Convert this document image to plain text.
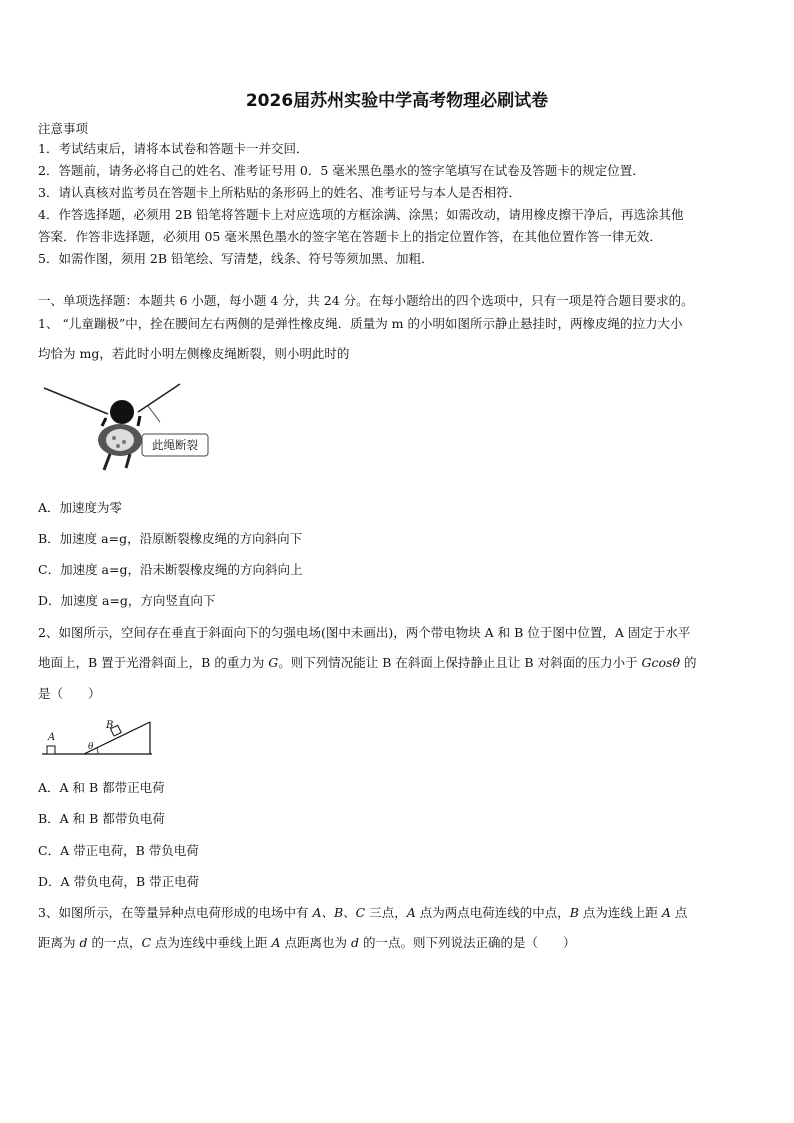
2026届苏州实验中学高考物理必刷试卷
注意事项
1．考试结束后，请将本试卷和答题卡一并交回．
2．答题前，请务必将自己的姓名、准考证号用 0．5 毫米黑色墨水的签字笔填写在试卷及答题卡的规定位置．
3．请认真核对监考员在答题卡上所粘贴的条形码上的姓名、准考证号与本人是否相符．
4．作答选择题，必须用 2B 铅笔将答题卡上对应选项的方框涂满、涂黑；如需改动，请用橡皮擦干净后，再选涂其他
答案．作答非选择题，必须用 05 毫米黑色墨水的签字笔在答题卡上的指定位置作答，在其他位置作答一律无效．
5．如需作图，须用 2B 铅笔绘、写清楚，线条、符号等须加黑、加粗．
一、单项选择题：本题共 6 小题，每小题 4 分，共 24 分。在每小题给出的四个选项中，只有一项是符合题目要求的。
1、 “儿童蹦极”中，拴在腰间左右两侧的是弹性橡皮绳．质量为 m 的小明如图所示静止悬挂时，两橡皮绳的拉力大小
均恰为 mg，若此时小明左侧橡皮绳断裂，则小明此时的
此绳断裂
A．加速度为零
B．加速度 a=g，沿原断裂橡皮绳的方向斜向下
C．加速度 a=g，沿未断裂橡皮绳的方向斜向上
D．加速度 a=g，方向竖直向下
2、如图所示，空间存在垂直于斜面向下的匀强电场(图中未画出)，两个带电物块 A 和 B 位于图中位置，A 固定于水平
地面上，B 置于光滑斜面上，B 的重力为 G。则下列情况能让 B 在斜面上保持静止且让 B 对斜面的压力小于 Gcosθ 的
是（　　）
A
B
θ
A．A 和 B 都带正电荷
B．A 和 B 都带负电荷
C．A 带正电荷，B 带负电荷
D．A 带负电荷，B 带正电荷
3、如图所示，在等量异种点电荷形成的电场中有 A、B、C 三点，A 点为两点电荷连线的中点，B 点为连线上距 A 点
距离为 d 的一点，C 点为连线中垂线上距 A 点距离也为 d 的一点。则下列说法正确的是（　　）
